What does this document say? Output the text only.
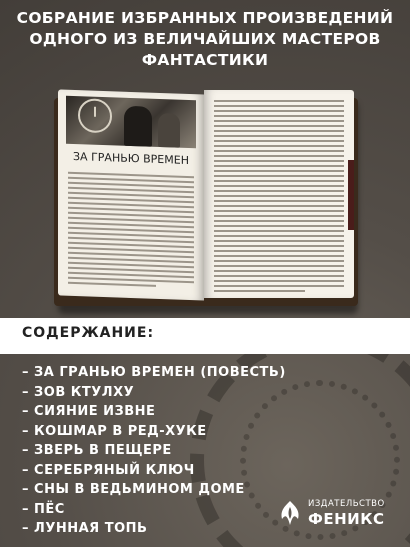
СОБРАНИЕ ИЗБРАННЫХ ПРОИЗВЕДЕНИЙ
ОДНОГО ИЗ ВЕЛИЧАЙШИХ МАСТЕРОВ
ФАНТАСТИКИ
ЗА ГРАНЬЮ ВРЕМЕН
СОДЕРЖАНИЕ:
– ЗА ГРАНЬЮ ВРЕМЕН (ПОВЕСТЬ)
– ЗОВ КТУЛХУ
– СИЯНИЕ ИЗВНЕ
– КОШМАР В РЕД-ХУКЕ
– ЗВЕРЬ В ПЕЩЕРЕ
– СЕРЕБРЯНЫЙ КЛЮЧ
– СНЫ В ВЕДЬМИНОМ ДОМЕ
– ПЁС
– ЛУННАЯ ТОПЬ
ИЗДАТЕЛЬСТВО
ФЕНИКС
